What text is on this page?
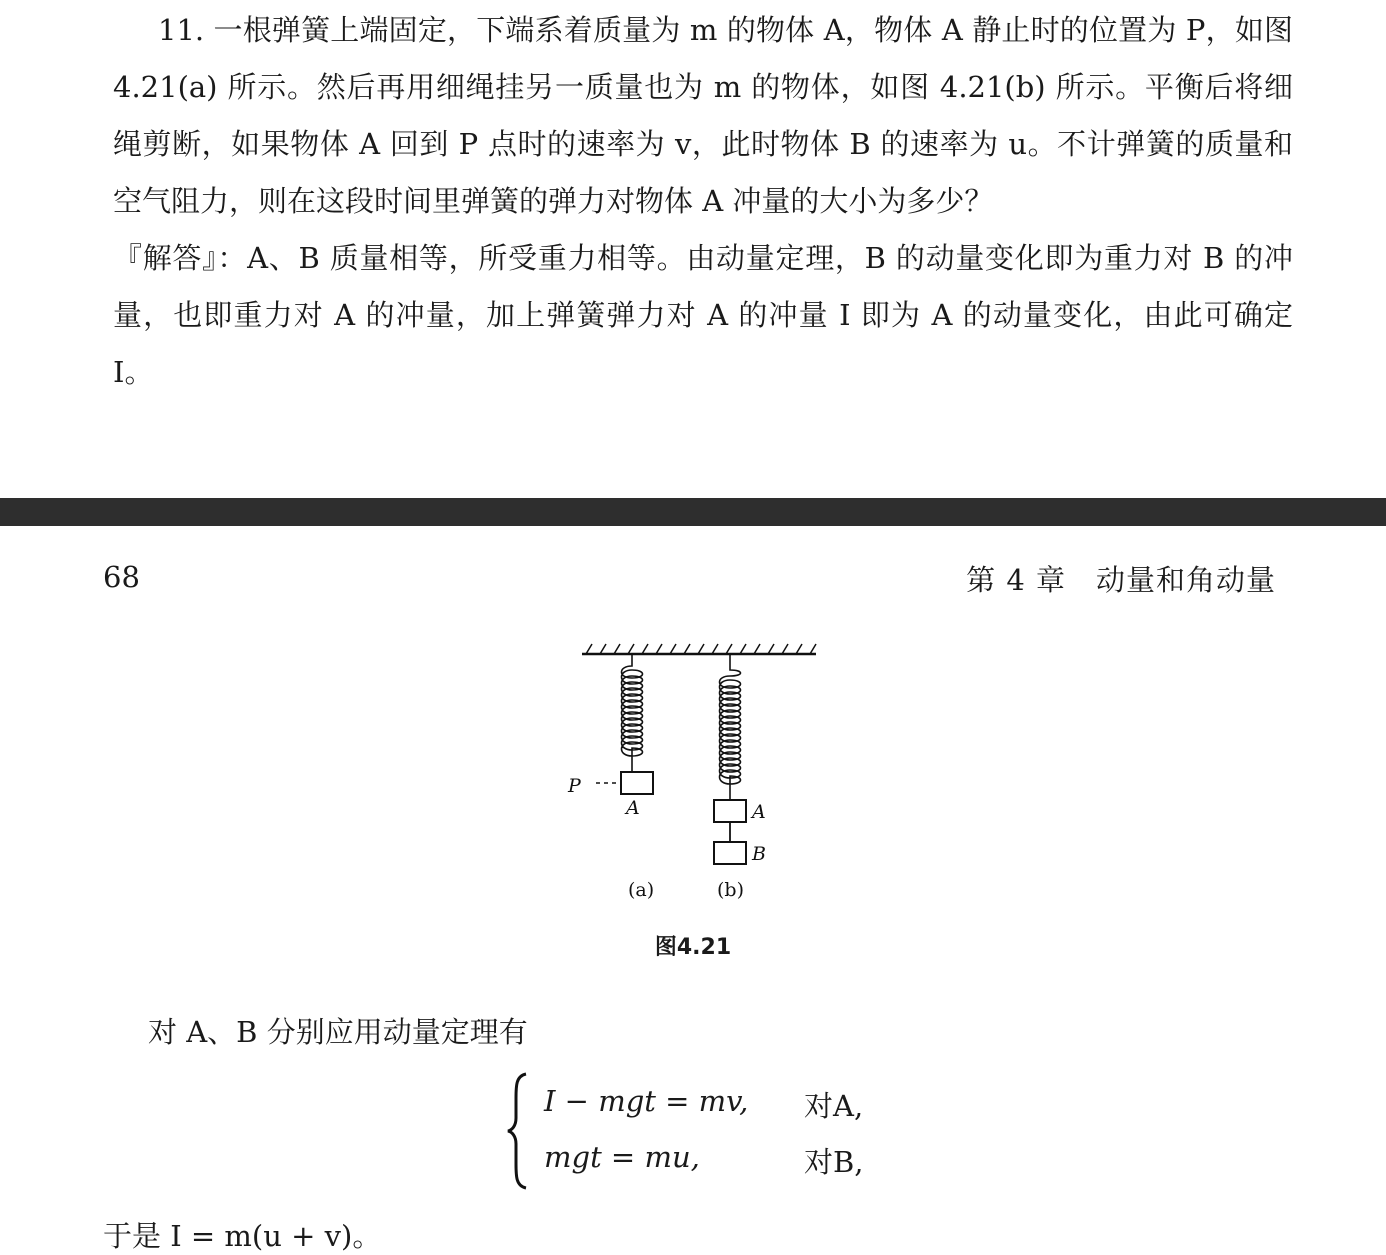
11. 一根弹簧上端固定，下端系着质量为 m 的物体 A，物体 A 静止时的位置为 P，如图 4.21(a) 所示。然后再用细绳挂另一质量也为 m 的物体，如图 4.21(b) 所示。平衡后将细绳剪断，如果物体 A 回到 P 点时的速率为 v，此时物体 B 的速率为 u。不计弹簧的质量和空气阻力，则在这段时间里弹簧的弹力对物体 A 冲量的大小为多少？

『解答』：A、B 质量相等，所受重力相等。由动量定理，B 的动量变化即为重力对 B 的冲量，也即重力对 A 的冲量，加上弹簧弹力对 A 的冲量 I 即为 A 的动量变化，由此可确定 I。

68	第 4 章　动量和角动量

P
A	A
B
(a)	(b)

图4.21

对 A、B 分别应用动量定理有

I − mgt = mv, 对A,

mgt = mu,	对B,

于是 I = m(u + v)。
